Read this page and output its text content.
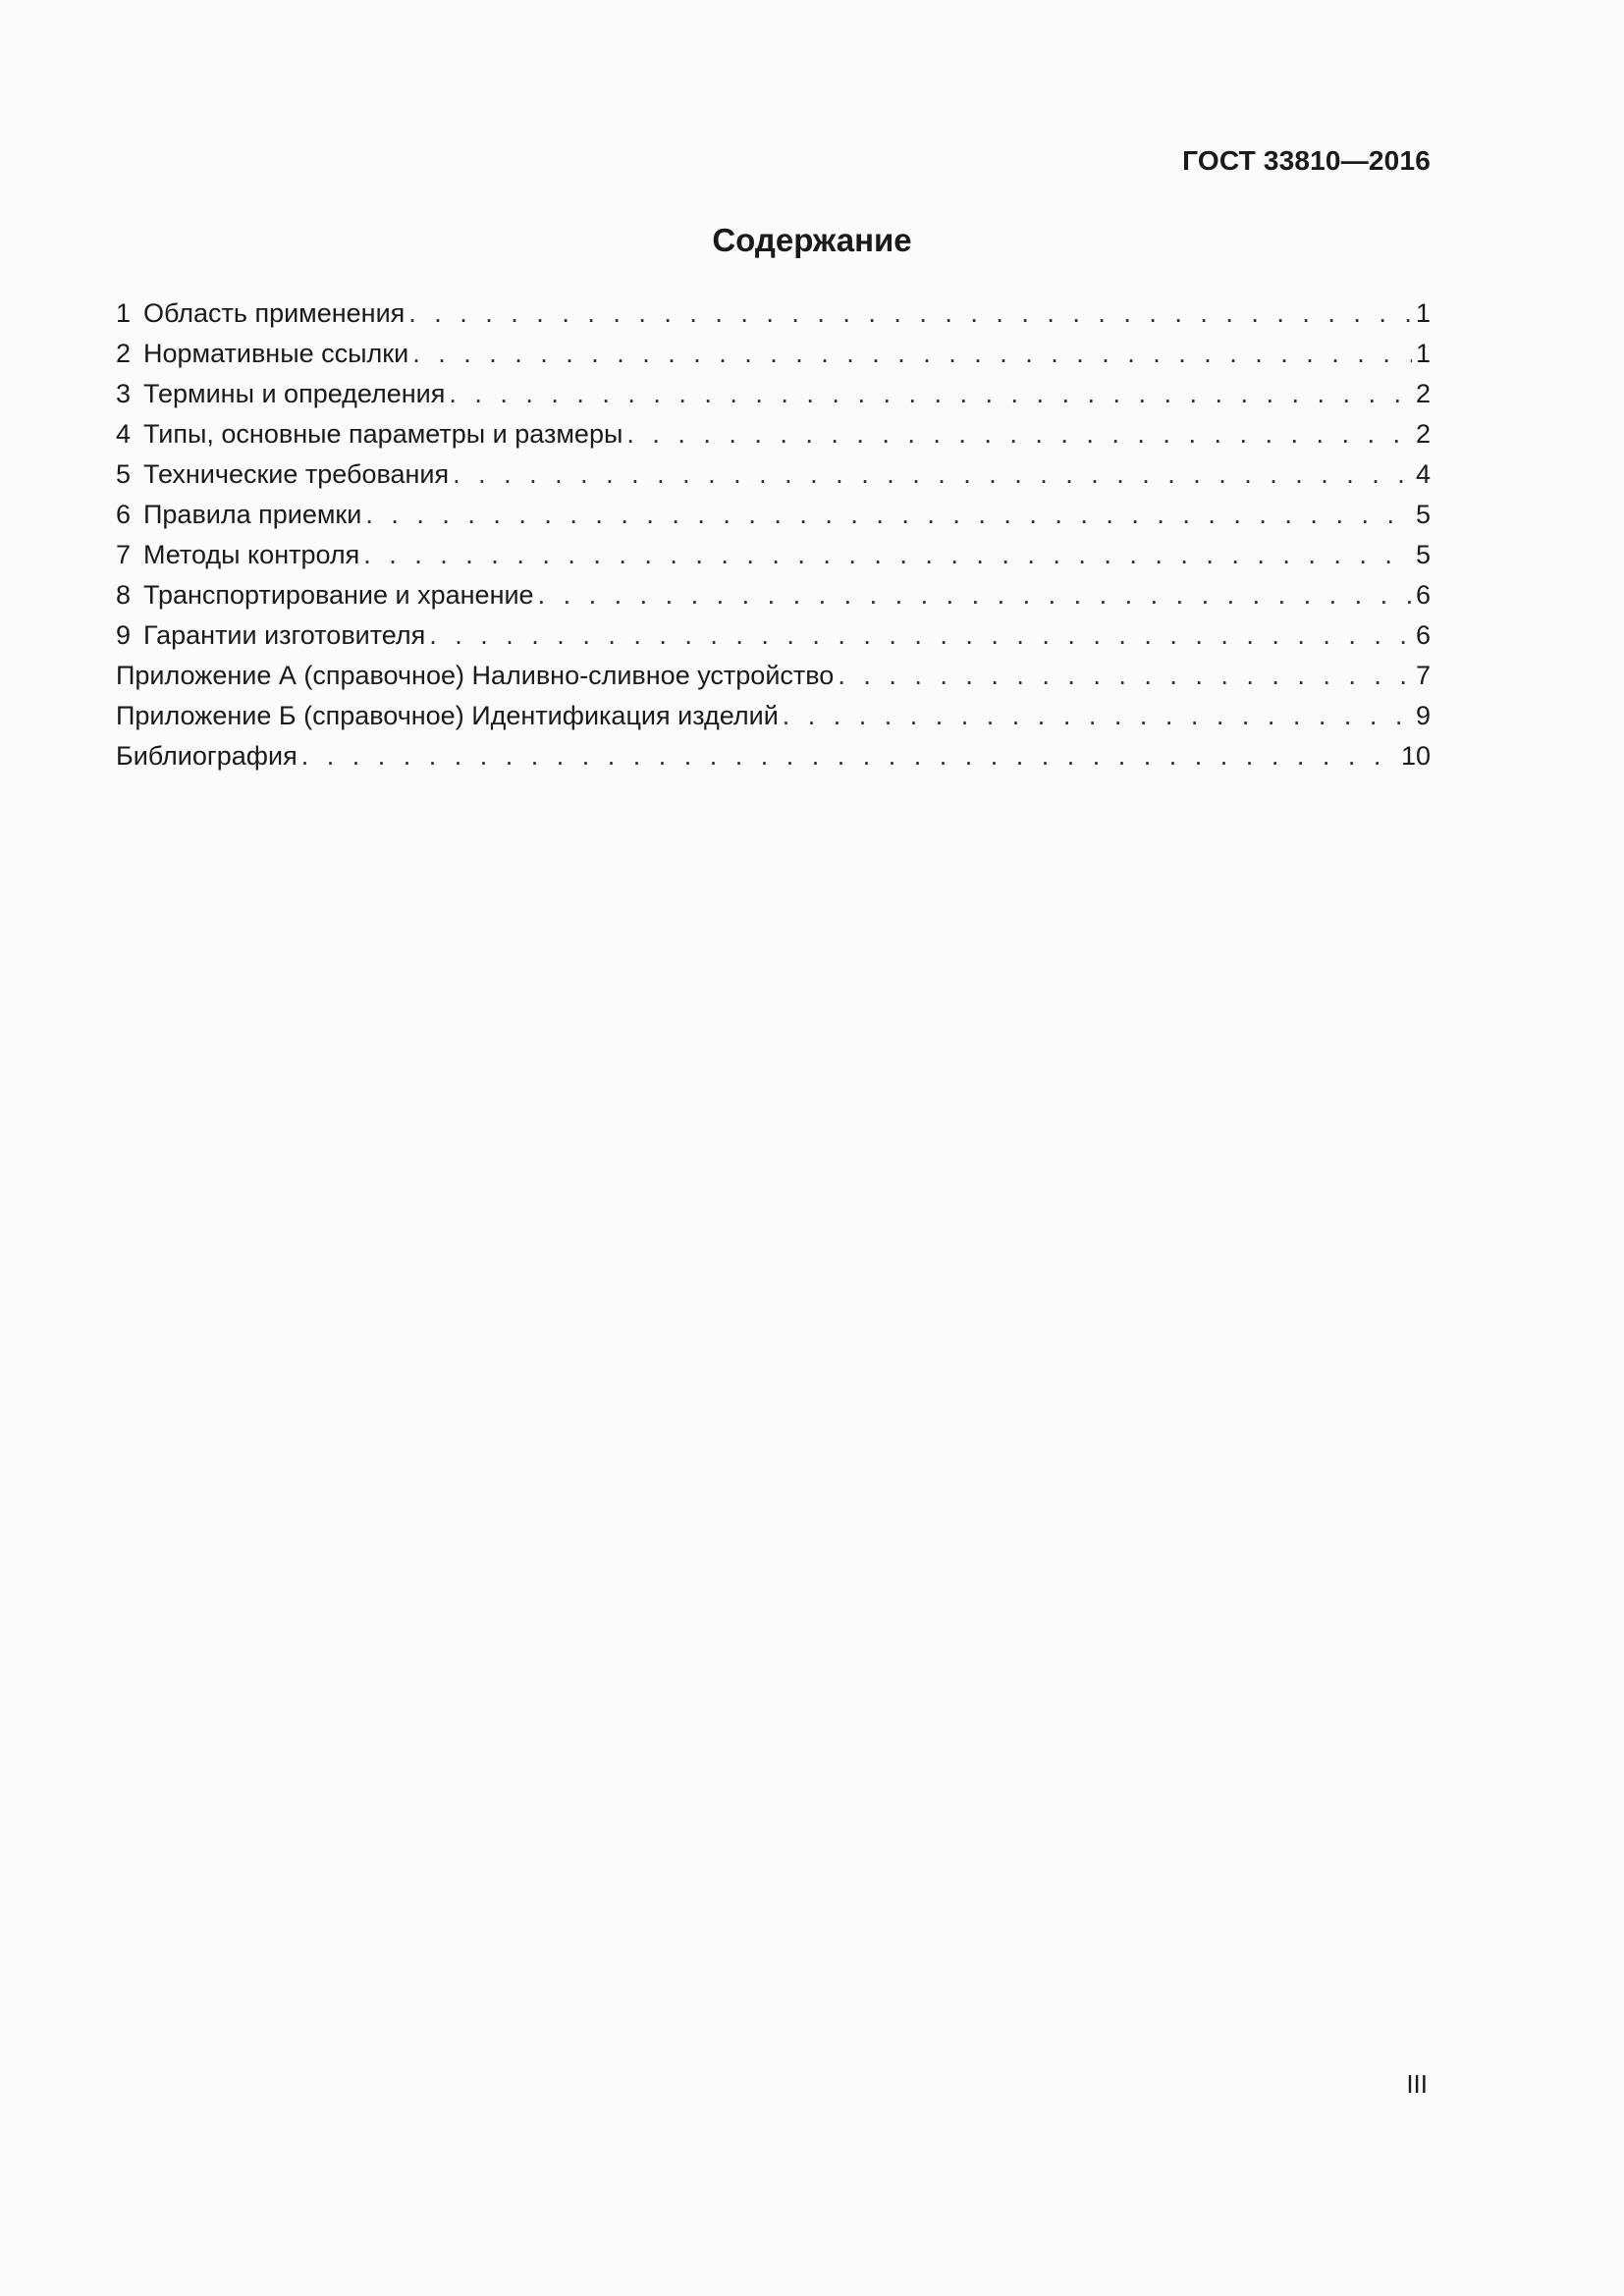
ГОСТ 33810—2016
Содержание
1 Область применения . . .	1
2 Нормативные ссылки . . .	1
3 Термины и определения . . .	2
4 Типы, основные параметры и размеры . . .	2
5 Технические требования . . .	4
6 Правила приемки . . .	5
7 Методы контроля . . .	5
8 Транспортирование и хранение . . .	6
9 Гарантии изготовителя . . .	6
Приложение А (справочное) Наливно-сливное устройство . . .	7
Приложение Б (справочное) Идентификация изделий . . .	9
Библиография . . .	10
III
